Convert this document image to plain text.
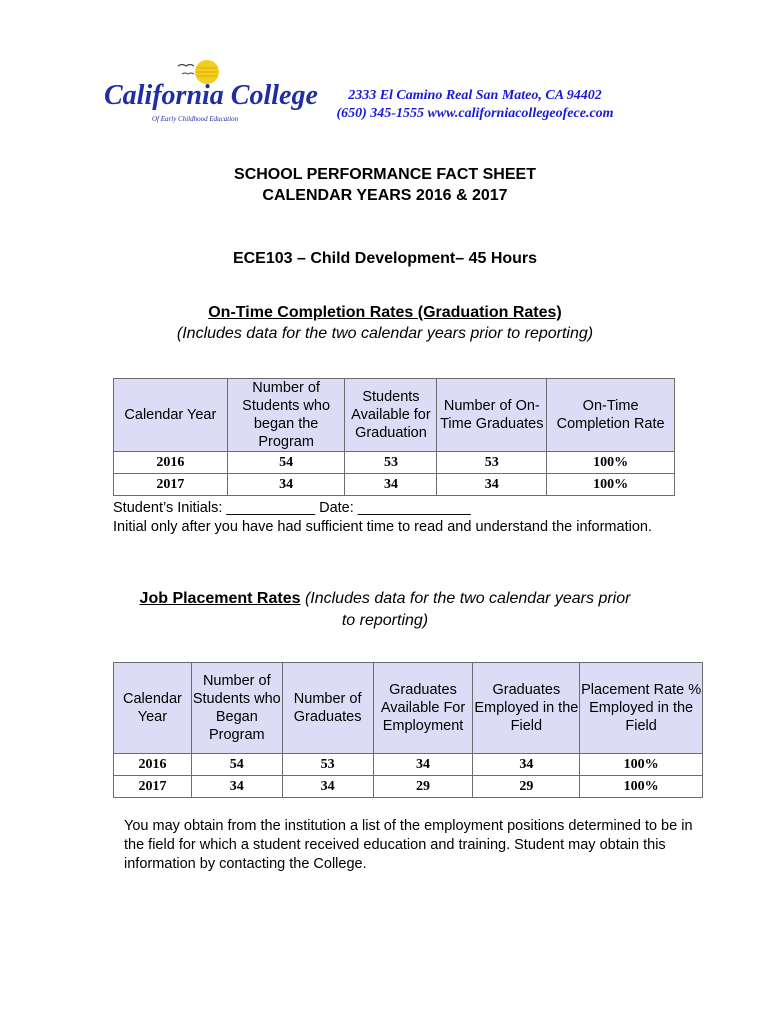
California College
Of Early Childhood Education
2333 El Camino Real San Mateo, CA 94402
(650) 345-1555 www.californiacollegeofece.com
SCHOOL PERFORMANCE FACT SHEET
CALENDAR YEARS 2016 & 2017
ECE103 – Child Development– 45 Hours
On-Time Completion Rates (Graduation Rates)
(Includes data for the two calendar years prior to reporting)
Calendar Year	Number of Students who began the Program	Students Available for Graduation	Number of On-Time Graduates	On-Time Completion Rate
2016	54	53	53	100%
2017	34	34	34	100%
Student’s Initials: ___________ Date: ______________
Initial only after you have had sufficient time to read and understand the information.
Job Placement Rates (Includes data for the two calendar years prior
to reporting)
Calendar Year	Number of Students who Began Program	Number of Graduates	Graduates Available For Employment	Graduates Employed in the Field	Placement Rate % Employed in the Field
2016	54	53	34	34	100%
2017	34	34	29	29	100%
You may obtain from the institution a list of the employment positions determined to be in the field for which a student received education and training. Student may obtain this information by contacting the College.
